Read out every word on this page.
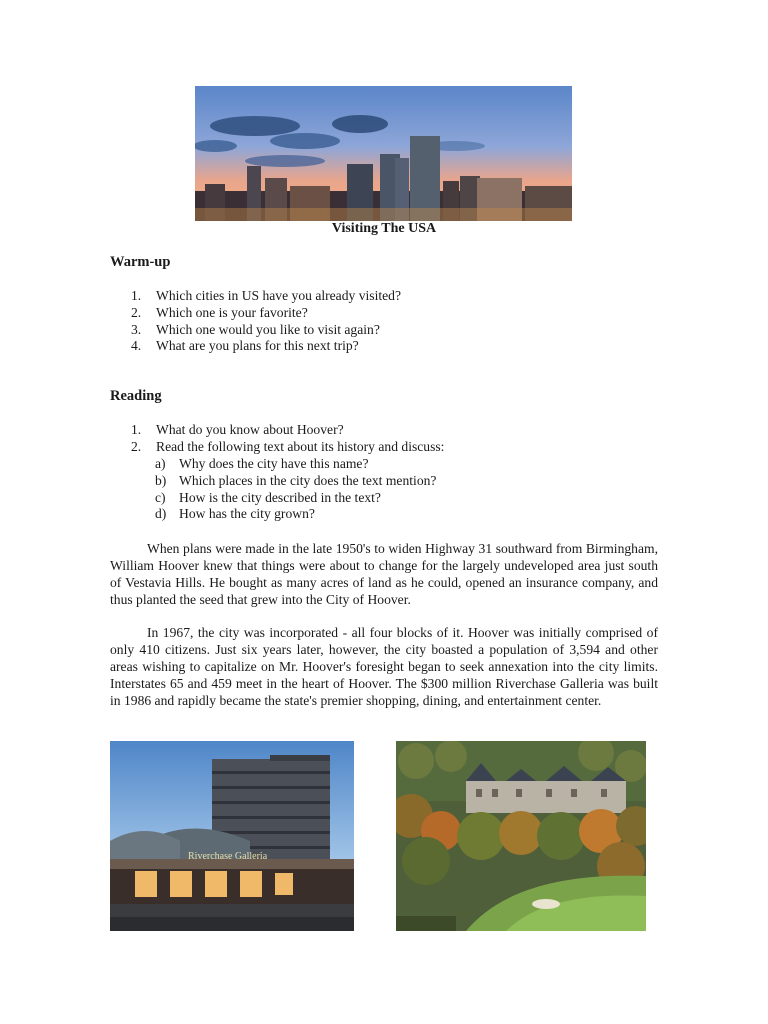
Visiting The USA
Warm-up
1. Which cities in US have you already visited?
2. Which one is your favorite?
3. Which one would you like to visit again?
4. What are you plans for this next trip?
Reading
1. What do you know about Hoover?
2. Read the following text about its history and discuss:
a) Why does the city have this name?
b) Which places in the city does the text mention?
c) How is the city described in the text?
d) How has the city grown?

When plans were made in the late 1950's to widen Highway 31 southward from Birmingham, William Hoover knew that things were about to change for the largely undeveloped area just south of Vestavia Hills. He bought as many acres of land as he could, opened an insurance company, and thus planted the seed that grew into the City of Hoover.

In 1967, the city was incorporated - all four blocks of it. Hoover was initially comprised of only 410 citizens. Just six years later, however, the city boasted a population of 3,594 and other areas wishing to capitalize on Mr. Hoover's foresight began to seek annexation into the city limits. Interstates 65 and 459 meet in the heart of Hoover. The $300 million Riverchase Galleria was built in 1986 and rapidly became the state's premier shopping, dining, and entertainment center.

Riverchase Galleria
